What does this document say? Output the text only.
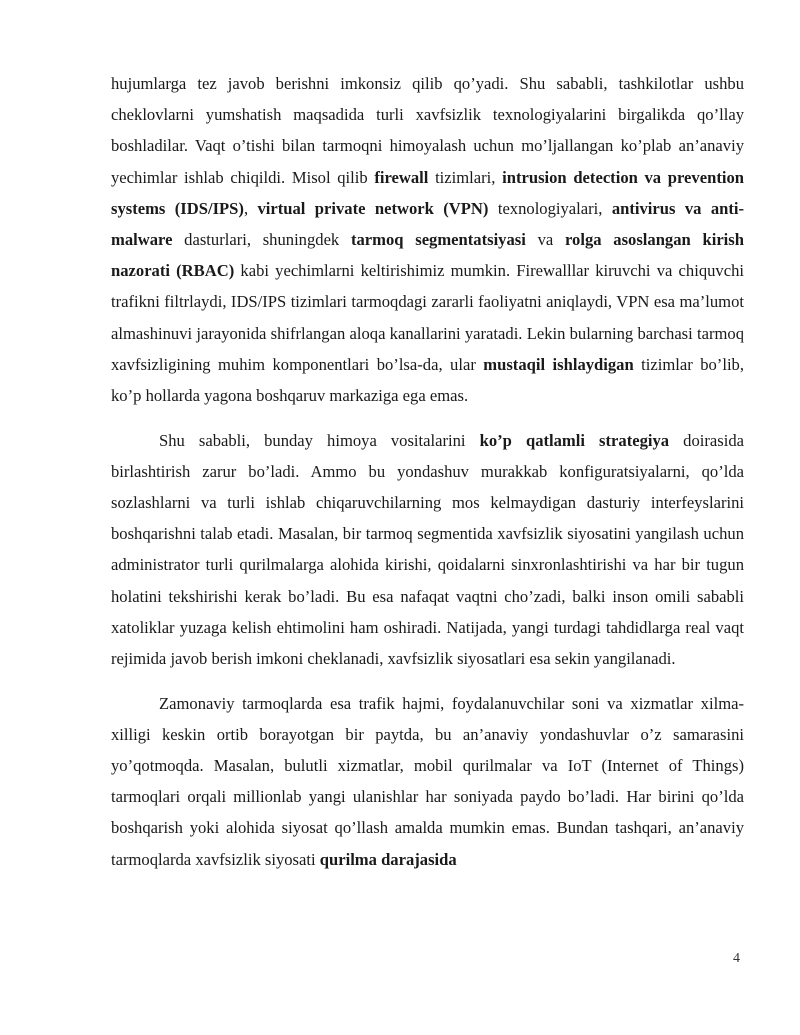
hujumlarga tez javob berishni imkonsiz qilib qo’yadi. Shu sababli, tashkilotlar ushbu cheklovlarni yumshatish maqsadida turli xavfsizlik texnologiyalarini birgalikda qo’llay boshladilar. Vaqt o’tishi bilan tarmoqni himoyalash uchun mo’ljallangan ko’plab an’anaviy yechimlar ishlab chiqildi. Misol qilib firewall tizimlari, intrusion detection va prevention systems (IDS/IPS), virtual private network (VPN) texnologiyalari, antivirus va anti-malware dasturlari, shuningdek tarmoq segmentatsiyasi va rolga asoslangan kirish nazorati (RBAC) kabi yechimlarni keltirishimiz mumkin. Firewalllar kiruvchi va chiquvchi trafikni filtrlaydi, IDS/IPS tizimlari tarmoqdagi zararli faoliyatni aniqlaydi, VPN esa ma’lumot almashinuvi jarayonida shifrlangan aloqa kanallarini yaratadi. Lekin bularning barchasi tarmoq xavfsizligining muhim komponentlari bo’lsa-da, ular mustaqil ishlaydigan tizimlar bo’lib, ko’p hollarda yagona boshqaruv markaziga ega emas.

Shu sababli, bunday himoya vositalarini ko’p qatlamli strategiya doirasida birlashtirish zarur bo’ladi. Ammo bu yondashuv murakkab konfiguratsiyalarni, qo’lda sozlashlarni va turli ishlab chiqaruvchilarning mos kelmaydigan dasturiy interfeyslarini boshqarishni talab etadi. Masalan, bir tarmoq segmentida xavfsizlik siyosatini yangilash uchun administrator turli qurilmalarga alohida kirishi, qoidalarni sinxronlashtirishi va har bir tugun holatini tekshirishi kerak bo’ladi. Bu esa nafaqat vaqtni cho’zadi, balki inson omili sababli xatoliklar yuzaga kelish ehtimolini ham oshiradi. Natijada, yangi turdagi tahdidlarga real vaqt rejimida javob berish imkoni cheklanadi, xavfsizlik siyosatlari esa sekin yangilanadi.

Zamonaviy tarmoqlarda esa trafik hajmi, foydalanuvchilar soni va xizmatlar xilma-xilligi keskin ortib borayotgan bir paytda, bu an’anaviy yondashuvlar o’z samarasini yo’qotmoqda. Masalan, bulutli xizmatlar, mobil qurilmalar va IoT (Internet of Things) tarmoqlari orqali millionlab yangi ulanishlar har soniyada paydo bo’ladi. Har birini qo’lda boshqarish yoki alohida siyosat qo’llash amalda mumkin emas. Bundan tashqari, an’anaviy tarmoqlarda xavfsizlik siyosati qurilma darajasida

4
